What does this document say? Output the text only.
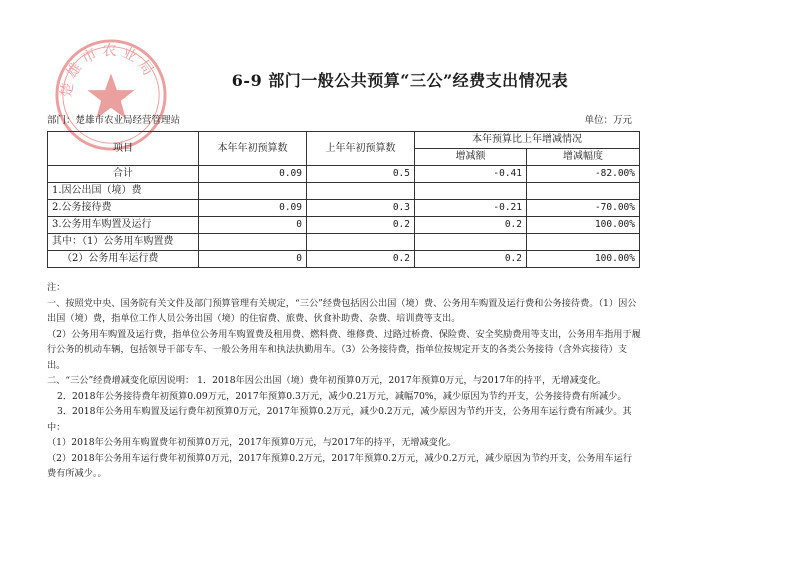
楚雄市农业局	6-9 部门一般公共预算“三公”经费支出情况表
部门：楚雄市农业局经营管理站	单位：万元
项目	本年年初预算数	上年年初预算数	本年预算比上年增减情况	
			增减额	增减幅度
合计	0.09	0.5	-0.41	-82.00%
1.因公出国（境）费				
2.公务接待费	0.09	0.3	-0.21	-70.00%
3.公务用车购置及运行	0	0.2	0.2	100.00%
其中：（1）公务用车购置费				
（2）公务用车运行费	0	0.2	0.2	100.00%

注：

一、按照党中央、国务院有关文件及部门预算管理有关规定，“三公”经费包括因公出国（境）费、公务用车购置及运行费和公务接待费。（1）因公出国（境）费，指单位工作人员公务出国（境）的住宿费、旅费、伙食补助费、杂费、培训费等支出。

（2）公务用车购置及运行费，指单位公务用车购置费及租用费、燃料费、维修费、过路过桥费、保险费、安全奖励费用等支出，公务用车指用于履行公务的机动车辆，包括领导干部专车、一般公务用车和执法执勤用车。（3）公务接待费，指单位按规定开支的各类公务接待（含外宾接待）支出。

二、“三公”经费增减变化原因说明： 1．2018年因公出国（境）费年初预算0万元，2017年预算0万元，与2017年的持平，无增减变化。

2．2018年公务接待费年初预算0.09万元，2017年预算0.3万元，减少0.21万元，减幅70%，减少原因为节约开支，公务接待费有所减少。

3．2018年公务用车购置及运行费年初预算0万元，2017年预算0.2万元，减少0.2万元，减少原因为节约开支，公务用车运行费有所减少。其中：

（1）2018年公务用车购置费年初预算0万元，2017年预算0万元，与2017年的持平，无增减变化。

（2）2018年公务用车运行费年初预算0万元，2017年预算0.2万元，2017年预算0.2万元，减少0.2万元，减少原因为节约开支，公务用车运行费有所减少。。
